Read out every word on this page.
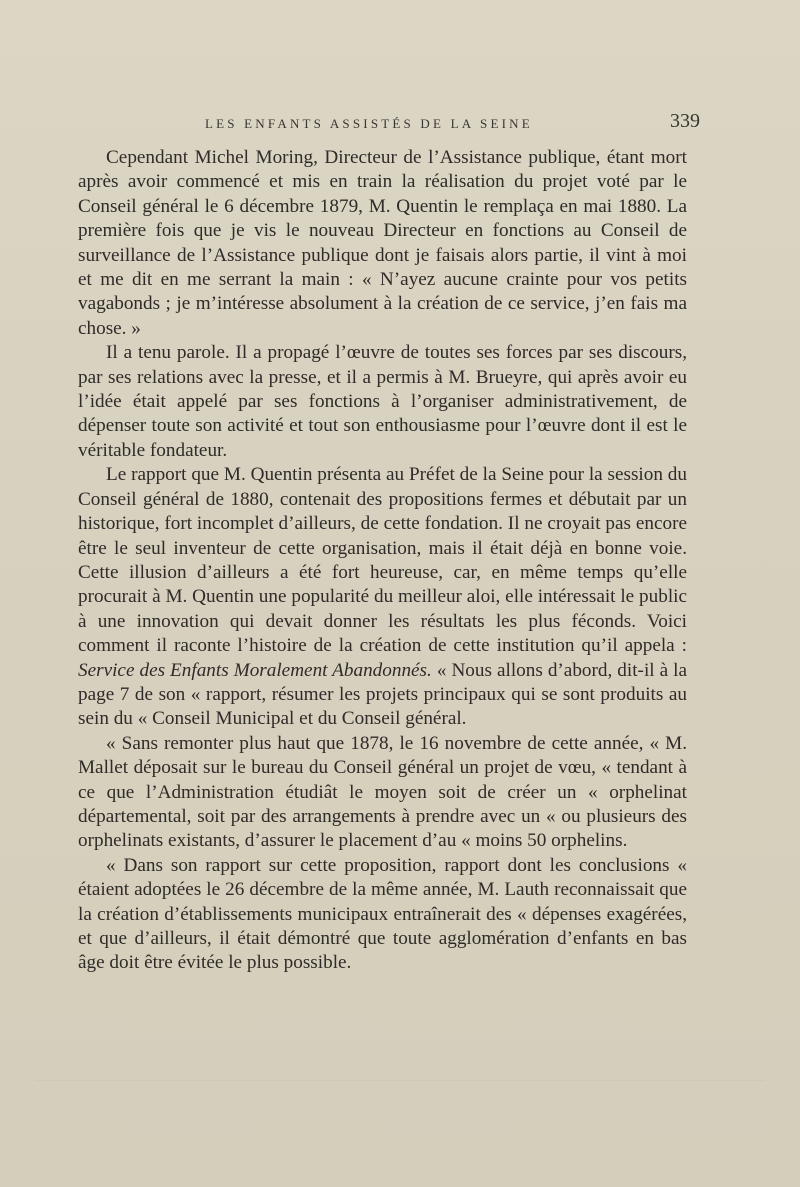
LES ENFANTS ASSISTÉS DE LA SEINE	339

Cependant Michel Moring, Directeur de l’Assistance publique, étant mort après avoir commencé et mis en train la réalisation du projet voté par le Conseil général le 6 décembre 1879, M. Quentin le remplaça en mai 1880. La première fois que je vis le nouveau Directeur en fonctions au Conseil de surveillance de l’Assistance publique dont je faisais alors partie, il vint à moi et me dit en me serrant la main : « N’ayez aucune crainte pour vos petits vagabonds ; je m’intéresse absolument à la création de ce service, j’en fais ma chose. »

Il a tenu parole. Il a propagé l’œuvre de toutes ses forces par ses discours, par ses relations avec la presse, et il a permis à M. Brueyre, qui après avoir eu l’idée était appelé par ses fonctions à l’organiser administrativement, de dépenser toute son activité et tout son enthousiasme pour l’œuvre dont il est le véritable fondateur.

Le rapport que M. Quentin présenta au Préfet de la Seine pour la session du Conseil général de 1880, contenait des propositions fermes et débutait par un historique, fort incomplet d’ailleurs, de cette fondation. Il ne croyait pas encore être le seul inventeur de cette organisation, mais il était déjà en bonne voie. Cette illusion d’ailleurs a été fort heureuse, car, en même temps qu’elle procurait à M. Quentin une popularité du meilleur aloi, elle intéressait le public à une innovation qui devait donner les résultats les plus féconds. Voici comment il raconte l’histoire de la création de cette institution qu’il appela : Service des Enfants Moralement Abandonnés. « Nous allons d’abord, dit-il à la page 7 de son « rapport, résumer les projets principaux qui se sont produits au sein du « Conseil Municipal et du Conseil général.

« Sans remonter plus haut que 1878, le 16 novembre de cette année, « M. Mallet déposait sur le bureau du Conseil général un projet de vœu, « tendant à ce que l’Administration étudiât le moyen soit de créer un « orphelinat départemental, soit par des arrangements à prendre avec un « ou plusieurs des orphelinats existants, d’assurer le placement d’au « moins 50 orphelins.

« Dans son rapport sur cette proposition, rapport dont les conclusions « étaient adoptées le 26 décembre de la même année, M. Lauth reconnaissait que la création d’établissements municipaux entraînerait des « dépenses exagérées, et que d’ailleurs, il était démontré que toute agglomération d’enfants en bas âge doit être évitée le plus possible.
